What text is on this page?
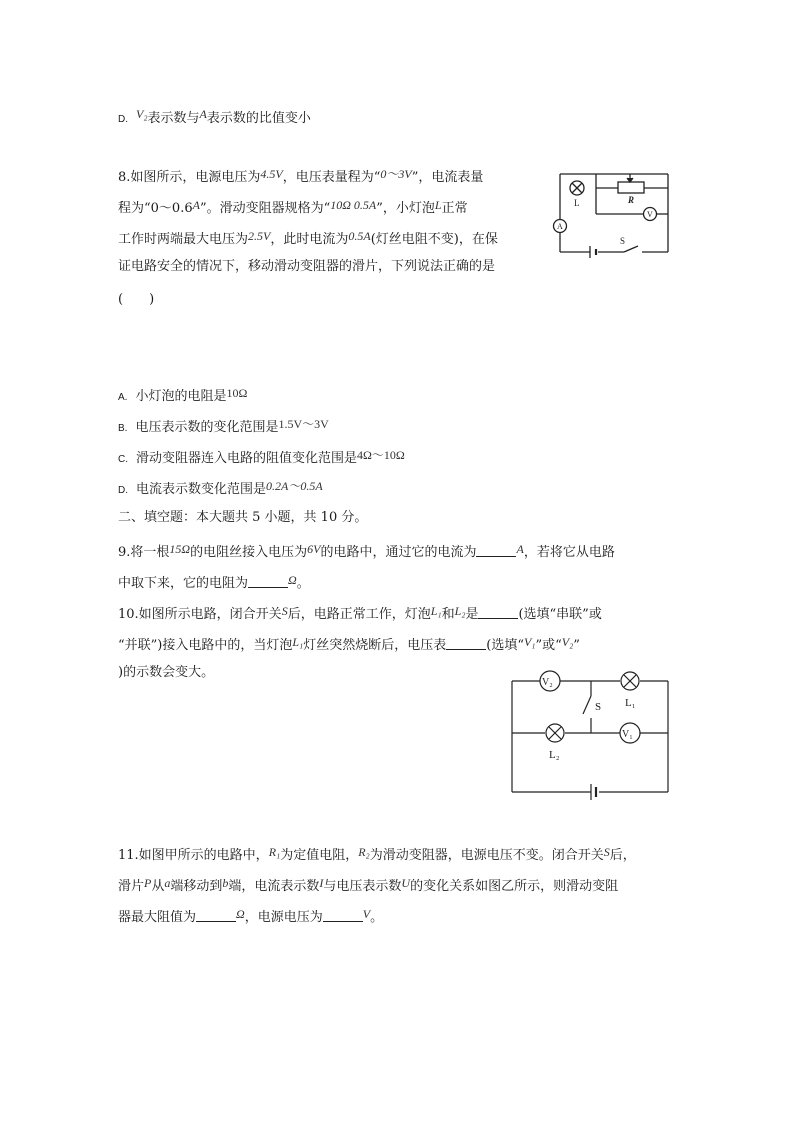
D. V₂表示数与A表示数的比值变小
8.如图所示，电源电压为4.5V，电压表量程为“0～3V”，电流表量
程为“0～0.6A”。滑动变阻器规格为“10Ω 0.5A”，小灯泡L正常
工作时两端最大电压为2.5V，此时电流为0.5A(灯丝电阻不变)，在保
证电路安全的情况下，移动滑动变阻器的滑片，下列说法正确的是
(　　)
L	R
V
A
S
A. 小灯泡的电阻是10Ω
B. 电压表示数的变化范围是1.5V～3V
C. 滑动变阻器连入电路的阻值变化范围是4Ω～10Ω
D. 电流表示数变化范围是0.2A～0.5A
二、填空题：本大题共 5 小题，共 10 分。
9.将一根15Ω的电阻丝接入电压为6V的电路中，通过它的电流为	A，若将它从电路
中取下来，它的电阻为	Ω。
10.如图所示电路，闭合开关S后，电路正常工作，灯泡L₁和L₂是	(选填“串联”或
“并联”)接入电路中的，当灯泡L₁灯丝突然烧断后，电压表	(选填“V₁”或“V₂”
)的示数会变大。
V₂
V₁
L₁
L₂
S
11.如图甲所示的电路中，R₁为定值电阻，R₂为滑动变阻器，电源电压不变。闭合开关S后，
滑片P从a端移动到b端，电流表示数I与电压表示数U的变化关系如图乙所示，则滑动变阻
器最大阻值为	Ω，电源电压为	V。
